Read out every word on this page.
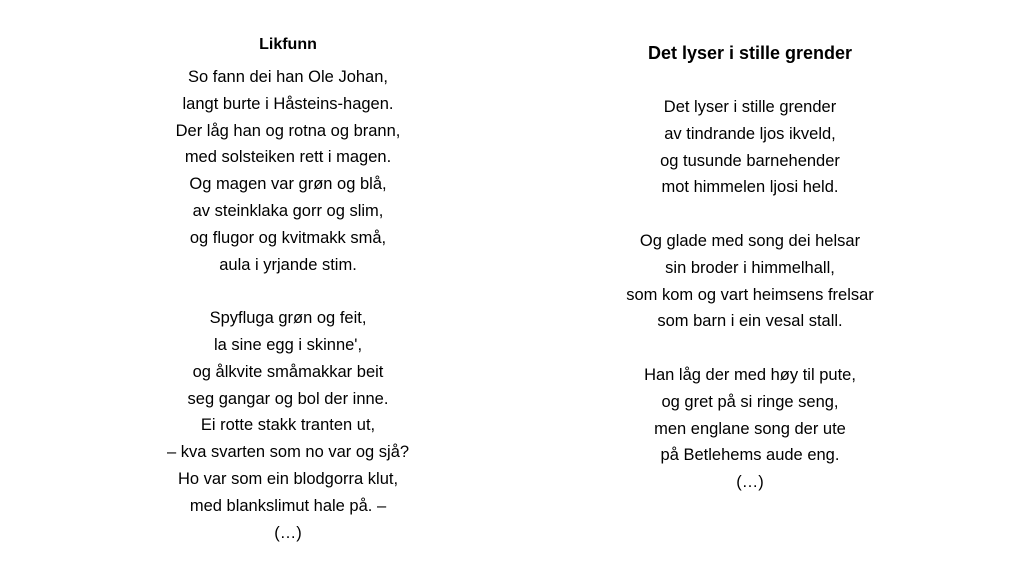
Likfunn
So fann dei han Ole Johan,
langt burte i Håsteins-hagen.
Der låg han og rotna og brann,
med solsteiken rett i magen.
Og magen var grøn og blå,
av steinklaka gorr og slim,
og flugor og kvitmakk små,
aula i yrjande stim.
Spyfluga grøn og feit,
la sine egg i skinne',
og ålkvite småmakkar beit
seg gangar og bol der inne.
Ei rotte stakk tranten ut,
– kva svarten som no var og sjå?
Ho var som ein blodgorra klut,
med blankslimut hale på. –
(…)
Det lyser i stille grender
Det lyser i stille grender
av tindrande ljos ikveld,
og tusunde barnehender
mot himmelen ljosi held.
Og glade med song dei helsar
sin broder i himmelhall,
som kom og vart heimsens frelsar
som barn i ein vesal stall.
Han låg der med høy til pute,
og gret på si ringe seng,
men englane song der ute
på Betlehems aude eng.
(…)
